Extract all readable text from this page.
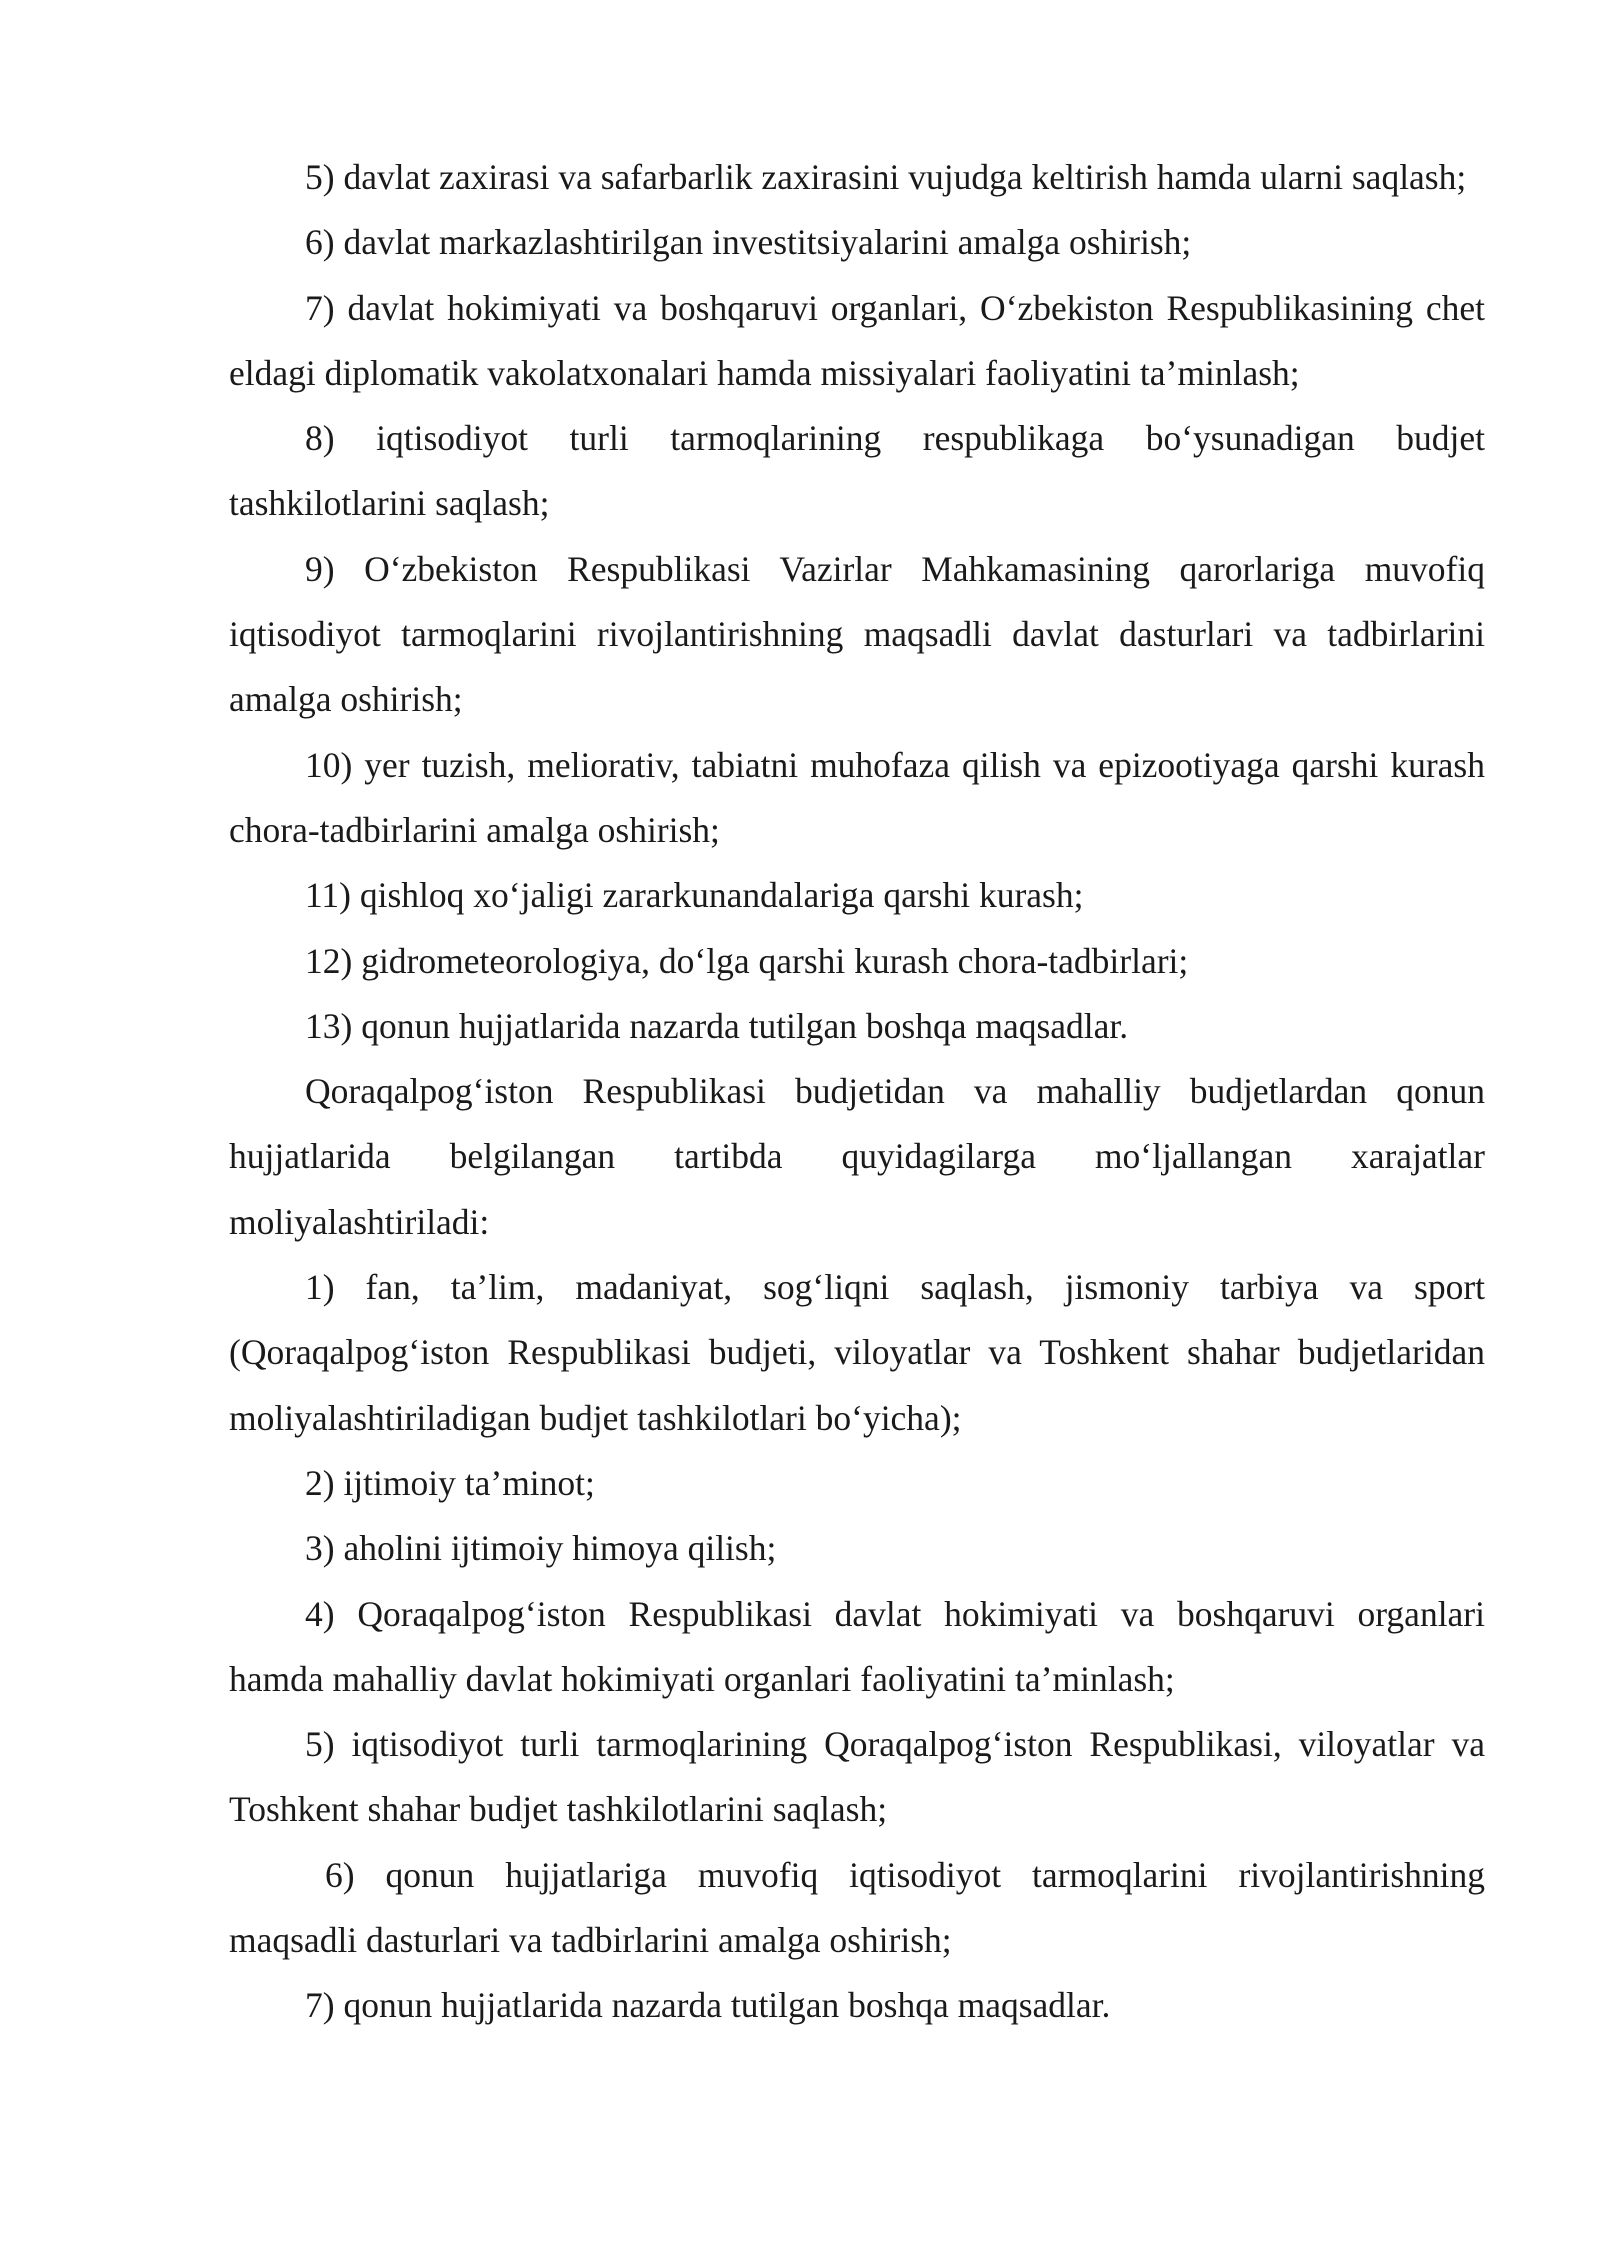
5) davlat zaxirasi va safarbarlik zaxirasini vujudga keltirish hamda ularni saqlash;

6) davlat markazlashtirilgan investitsiyalarini amalga oshirish;

7) davlat hokimiyati va boshqaruvi organlari, O‘zbekiston Respublikasining chet eldagi diplomatik vakolatxonalari hamda missiyalari faoliyatini ta’minlash;

8) iqtisodiyot turli tarmoqlarining respublikaga bo‘ysunadigan budjet tashkilotlarini saqlash;

9) O‘zbekiston Respublikasi Vazirlar Mahkamasining qarorlariga muvofiq iqtisodiyot tarmoqlarini rivojlantirishning maqsadli davlat dasturlari va tadbirlarini amalga oshirish;

10) yer tuzish, meliorativ, tabiatni muhofaza qilish va epizootiyaga qarshi kurash chora-tadbirlarini amalga oshirish;

11) qishloq xo‘jaligi zararkunandalariga qarshi kurash;

12) gidrometeorologiya, do‘lga qarshi kurash chora-tadbirlari;

13) qonun hujjatlarida nazarda tutilgan boshqa maqsadlar.

Qoraqalpog‘iston Respublikasi budjetidan va mahalliy budjetlardan qonun hujjatlarida belgilangan tartibda quyidagilarga mo‘ljallangan xarajatlar moliyalashtiriladi:

1) fan, ta’lim, madaniyat, sog‘liqni saqlash, jismoniy tarbiya va sport (Qoraqalpog‘iston Respublikasi budjeti, viloyatlar va Toshkent shahar budjetlaridan moliyalashtiriladigan budjet tashkilotlari bo‘yicha);

2) ijtimoiy ta’minot;

3) aholini ijtimoiy himoya qilish;

4) Qoraqalpog‘iston Respublikasi davlat hokimiyati va boshqaruvi organlari hamda mahalliy davlat hokimiyati organlari faoliyatini ta’minlash;

5) iqtisodiyot turli tarmoqlarining Qoraqalpog‘iston Respublikasi, viloyatlar va Toshkent shahar budjet tashkilotlarini saqlash;

6) qonun hujjatlariga muvofiq iqtisodiyot tarmoqlarini rivojlantirishning maqsadli dasturlari va tadbirlarini amalga oshirish;

7) qonun hujjatlarida nazarda tutilgan boshqa maqsadlar.
